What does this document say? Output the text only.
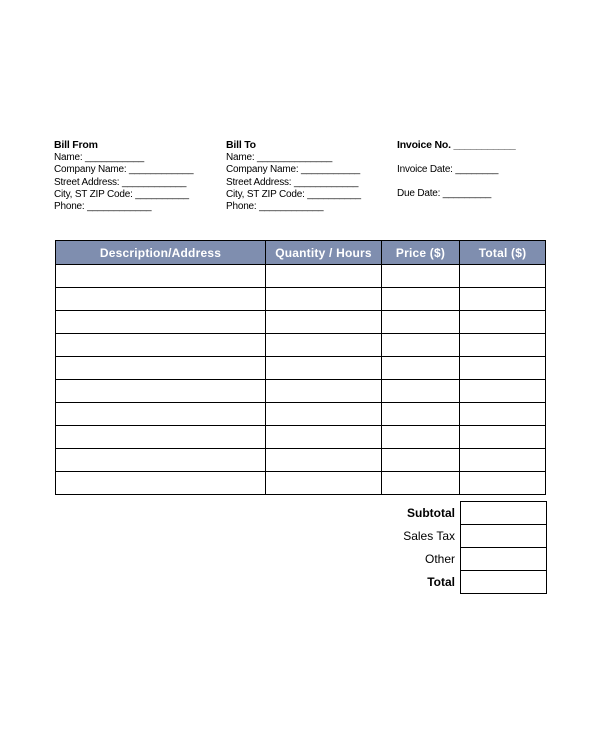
Bill From
Name: ___________
Company Name: ____________
Street Address: ____________
City, ST ZIP Code: __________
Phone: ____________
Bill To
Name: ______________
Company Name: ___________
Street Address: ____________
City, ST ZIP Code: __________
Phone: ____________
Invoice No. ___________
Invoice Date: ________
Due Date: _________
Description/Address	Quantity / Hours	Price ($)	Total ($)

Subtotal	
Sales Tax	
Other	
Total	
